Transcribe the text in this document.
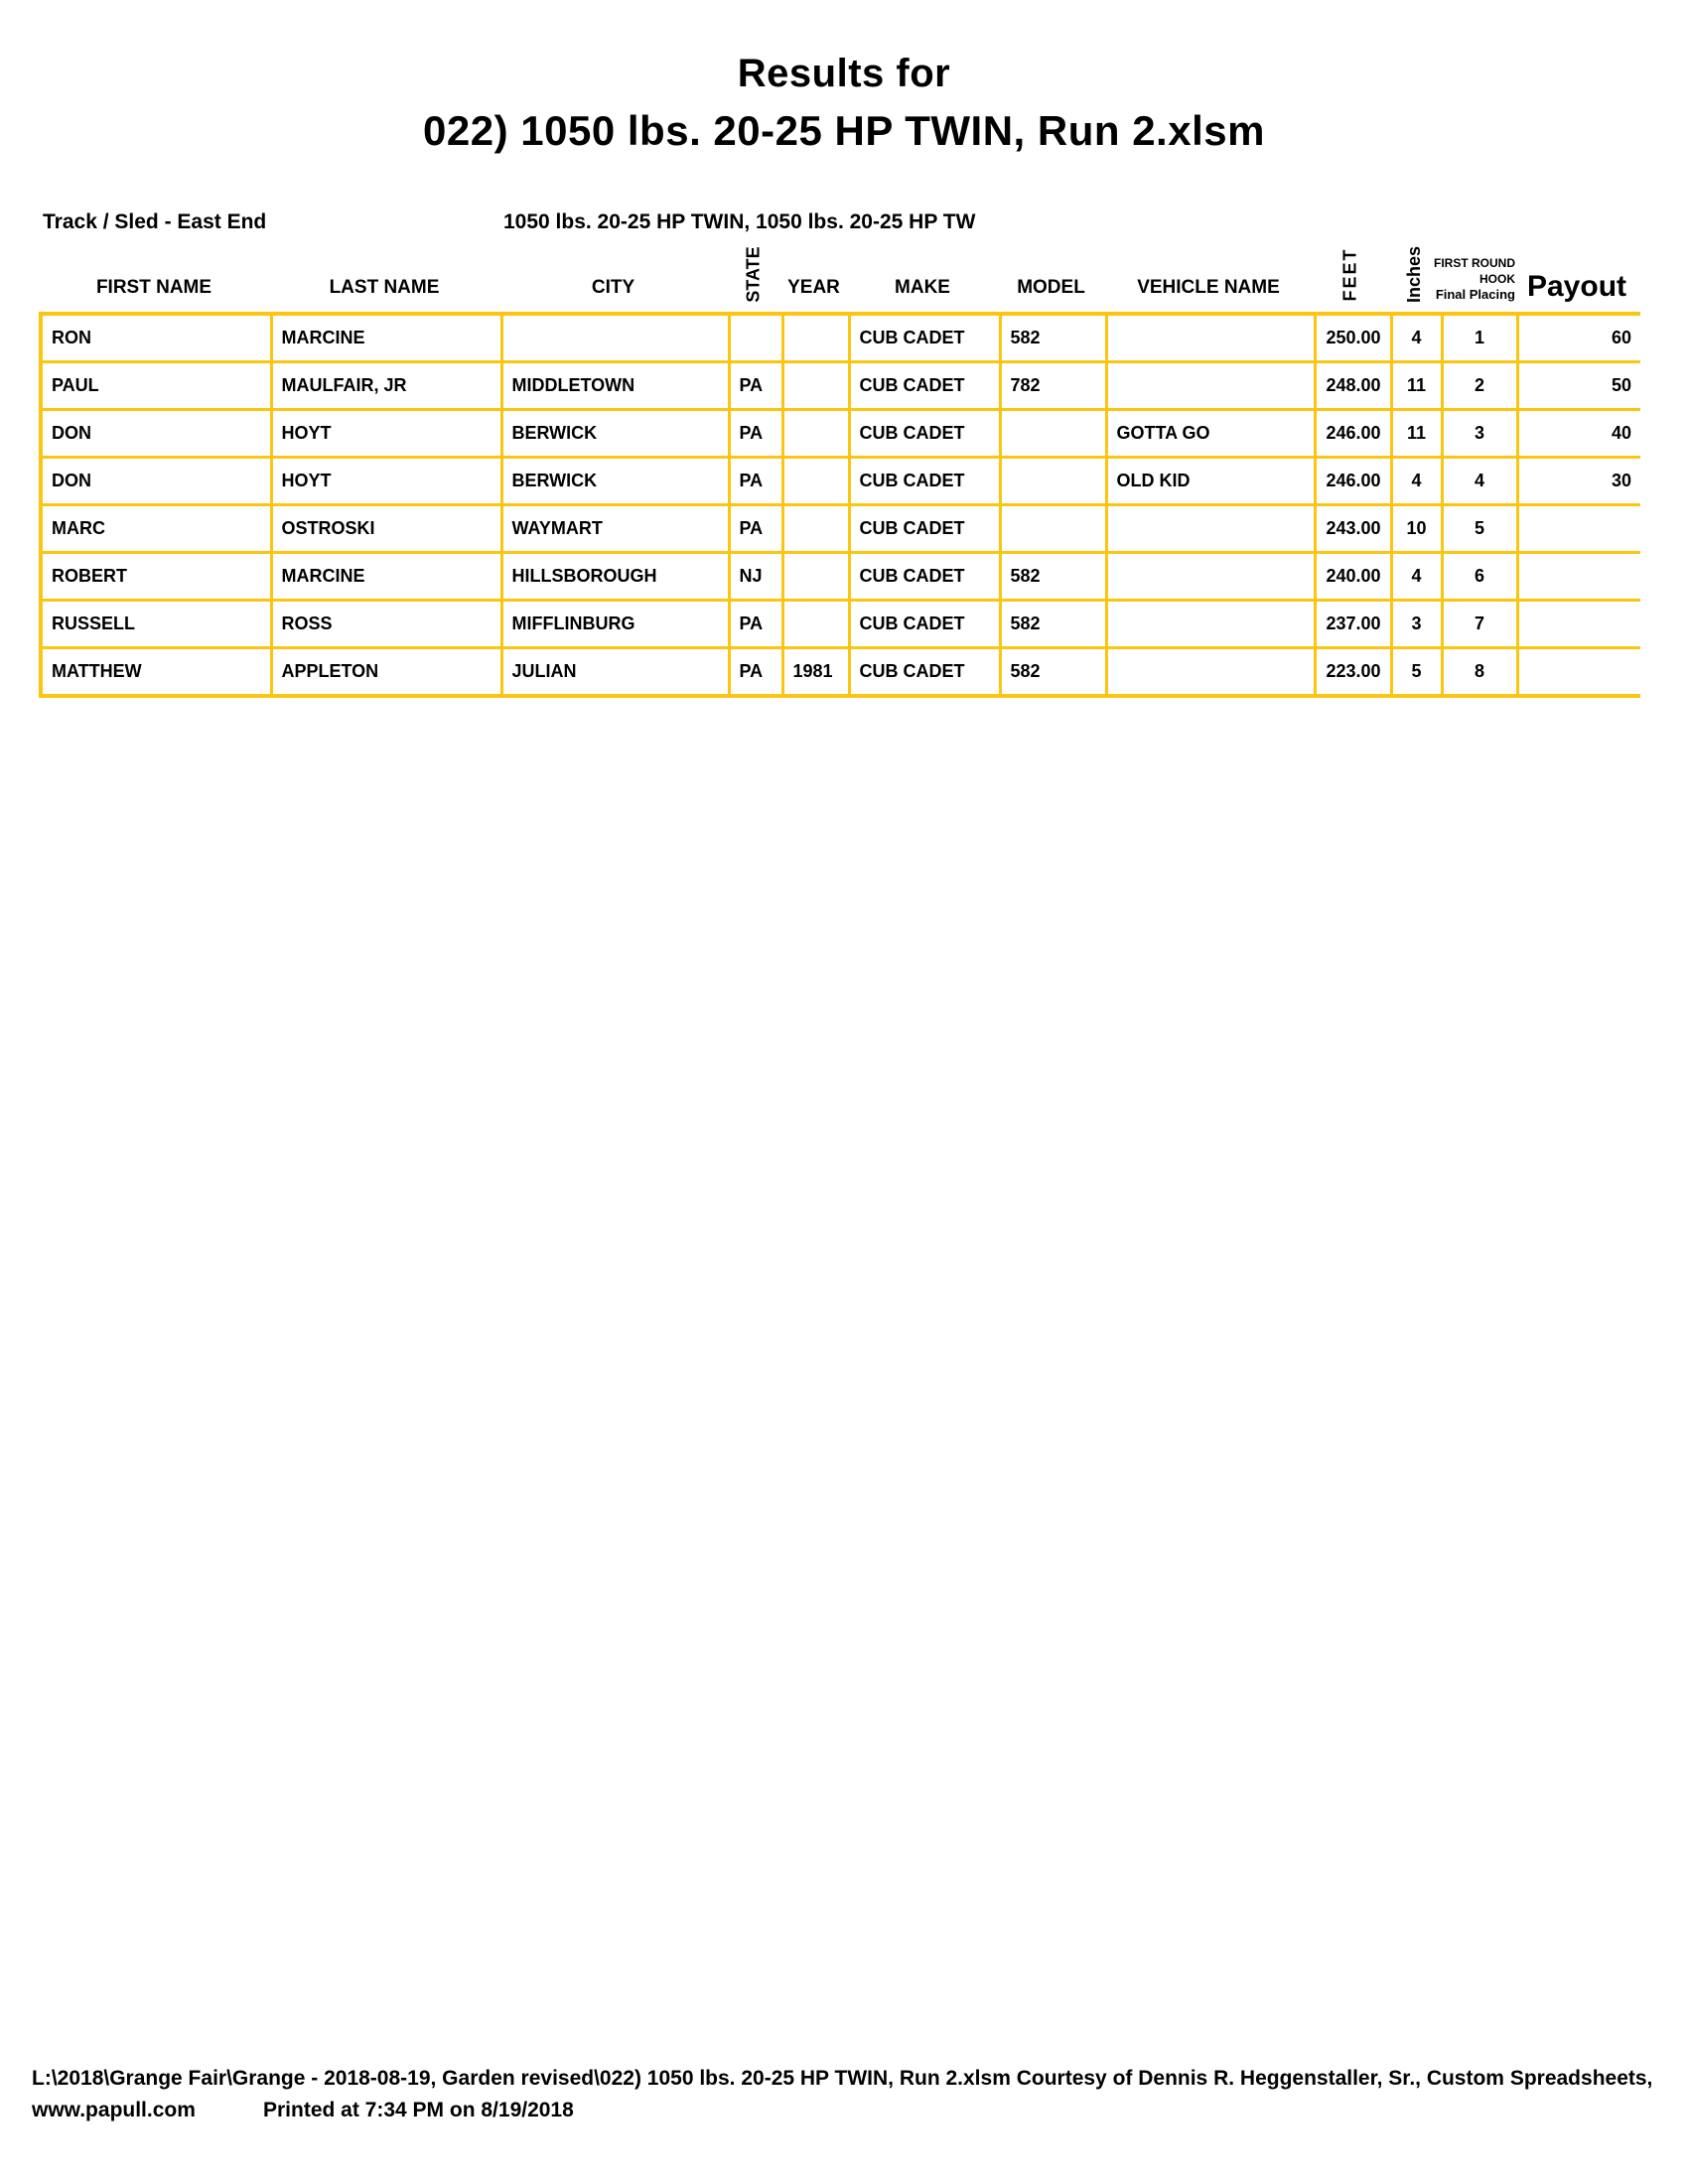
Results for
022) 1050 lbs. 20-25 HP TWIN, Run 2.xlsm
Track / Sled - East End	1050 lbs. 20-25 HP TWIN, 1050 lbs. 20-25 HP TW
FIRST NAME	LAST NAME	CITY	STATE	YEAR	MAKE	MODEL	VEHICLE NAME	FEET Inches FIRST ROUND
HOOK
Final Placing Payout
RON	MARCINE				CUB CADET	582		250.00	4	1	60
PAUL	MAULFAIR, JR	MIDDLETOWN	PA		CUB CADET	782		248.00	11	2	50
DON	HOYT	BERWICK	PA		CUB CADET		GOTTA GO	246.00	11	3	40
DON	HOYT	BERWICK	PA		CUB CADET		OLD KID	246.00	4	4	30
MARC	OSTROSKI	WAYMART	PA		CUB CADET			243.00	10	5	
ROBERT	MARCINE	HILLSBOROUGH	NJ		CUB CADET	582		240.00	4	6	
RUSSELL	ROSS	MIFFLINBURG	PA		CUB CADET	582		237.00	3	7	
MATTHEW	APPLETON	JULIAN	PA	1981	CUB CADET	582		223.00	5	8	
L:\2018\Grange Fair\Grange - 2018-08-19, Garden revised\022) 1050 lbs. 20-25 HP TWIN, Run 2.xlsm Courtesy of Dennis R. Heggenstaller, Sr., Custom Spreadsheets,
www.papull.com	Printed at 7:34 PM on 8/19/2018
